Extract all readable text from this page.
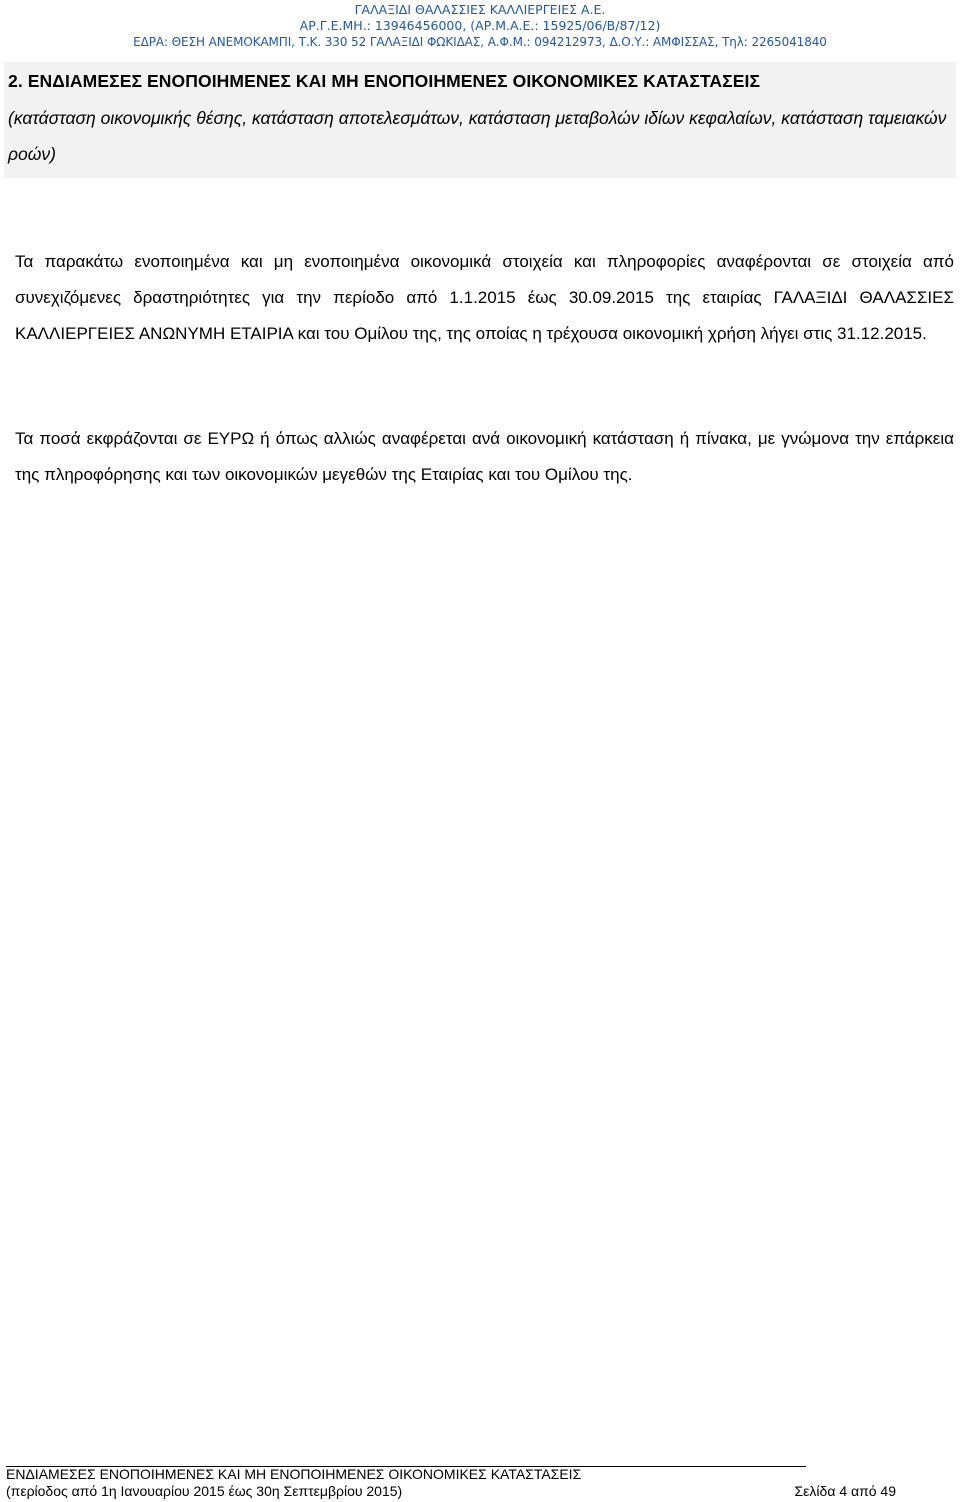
ΓΑΛΑΞΙΔΙ ΘΑΛΑΣΣΙΕΣ ΚΑΛΛΙΕΡΓΕΙΕΣ Α.Ε.
ΑΡ.Γ.Ε.ΜΗ.: 13946456000, (ΑΡ.Μ.Α.Ε.: 15925/06/Β/87/12)
ΕΔΡΑ: ΘΕΣΗ ΑΝΕΜΟΚΑΜΠΙ, Τ.Κ. 330 52 ΓΑΛΑΞΙΔΙ ΦΩΚΙΔΑΣ, Α.Φ.Μ.: 094212973, Δ.Ο.Υ.: ΑΜΦΙΣΣΑΣ, Τηλ: 2265041840
2. ΕΝΔΙΑΜΕΣΕΣ ΕΝΟΠΟΙΗΜΕΝΕΣ ΚΑΙ ΜΗ ΕΝΟΠΟΙΗΜΕΝΕΣ ΟΙΚΟΝΟΜΙΚΕΣ ΚΑΤΑΣΤΑΣΕΙΣ
(κατάσταση οικονομικής θέσης, κατάσταση αποτελεσμάτων, κατάσταση μεταβολών ιδίων κεφαλαίων, κατάσταση ταμειακών ροών)
Τα παρακάτω ενοποιημένα και μη ενοποιημένα οικονομικά στοιχεία και πληροφορίες αναφέρονται σε στοιχεία από συνεχιζόμενες δραστηριότητες για την περίοδο από 1.1.2015 έως 30.09.2015 της εταιρίας ΓΑΛΑΞΙΔΙ ΘΑΛΑΣΣΙΕΣ ΚΑΛΛΙΕΡΓΕΙΕΣ ΑΝΩΝΥΜΗ ΕΤΑΙΡΙΑ και του Ομίλου της, της οποίας η τρέχουσα οικονομική χρήση λήγει στις 31.12.2015.
Τα ποσά εκφράζονται σε ΕΥΡΩ ή όπως αλλιώς αναφέρεται ανά οικονομική κατάσταση ή πίνακα, με γνώμονα την επάρκεια της πληροφόρησης και των οικονομικών μεγεθών της Εταιρίας και του Ομίλου της.
ΕΝΔΙΑΜΕΣΕΣ ΕΝΟΠΟΙΗΜΕΝΕΣ ΚΑΙ ΜΗ ΕΝΟΠΟΙΗΜΕΝΕΣ ΟΙΚΟΝΟΜΙΚΕΣ ΚΑΤΑΣΤΑΣΕΙΣ
(περίοδος από 1η Ιανουαρίου 2015 έως 30η Σεπτεμβρίου 2015)	Σελίδα 4 από 49
